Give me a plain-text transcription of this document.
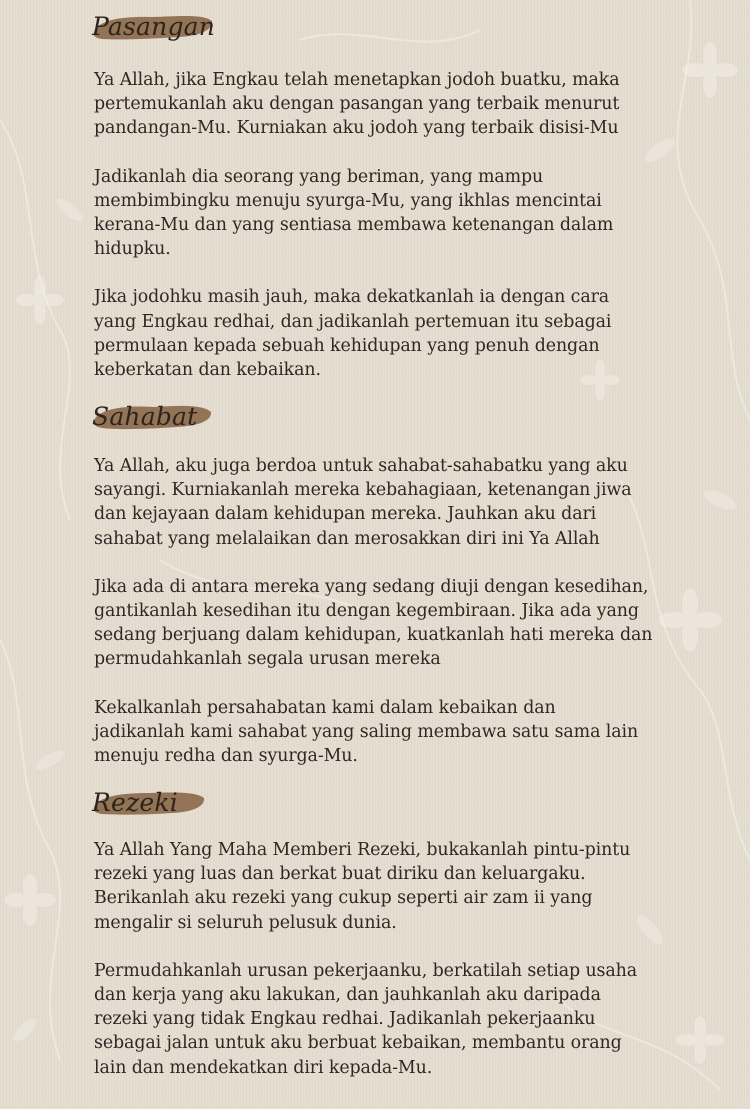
Pasangan

Ya Allah, jika Engkau telah menetapkan jodoh buatku, maka
pertemukanlah aku dengan pasangan yang terbaik menurut
pandangan-Mu. Kurniakan aku jodoh yang terbaik disisi-Mu

Jadikanlah dia seorang yang beriman, yang mampu
membimbingku menuju syurga-Mu, yang ikhlas mencintai
kerana-Mu dan yang sentiasa membawa ketenangan dalam
hidupku.

Jika jodohku masih jauh, maka dekatkanlah ia dengan cara
yang Engkau redhai, dan jadikanlah pertemuan itu sebagai
permulaan kepada sebuah kehidupan yang penuh dengan
keberkatan dan kebaikan.

Sahabat

Ya Allah, aku juga berdoa untuk sahabat-sahabatku yang aku
sayangi. Kurniakanlah mereka kebahagiaan, ketenangan jiwa
dan kejayaan dalam kehidupan mereka. Jauhkan aku dari
sahabat yang melalaikan dan merosakkan diri ini Ya Allah

Jika ada di antara mereka yang sedang diuji dengan kesedihan,
gantikanlah kesedihan itu dengan kegembiraan. Jika ada yang
sedang berjuang dalam kehidupan, kuatkanlah hati mereka dan
permudahkanlah segala urusan mereka

Kekalkanlah persahabatan kami dalam kebaikan dan
jadikanlah kami sahabat yang saling membawa satu sama lain
menuju redha dan syurga-Mu.

Rezeki

Ya Allah Yang Maha Memberi Rezeki, bukakanlah pintu-pintu
rezeki yang luas dan berkat buat diriku dan keluargaku.
Berikanlah aku rezeki yang cukup seperti air zam ii yang
mengalir si seluruh pelusuk dunia.

Permudahkanlah urusan pekerjaanku, berkatilah setiap usaha
dan kerja yang aku lakukan, dan jauhkanlah aku daripada
rezeki yang tidak Engkau redhai. Jadikanlah pekerjaanku
sebagai jalan untuk aku berbuat kebaikan, membantu orang
lain dan mendekatkan diri kepada-Mu.
